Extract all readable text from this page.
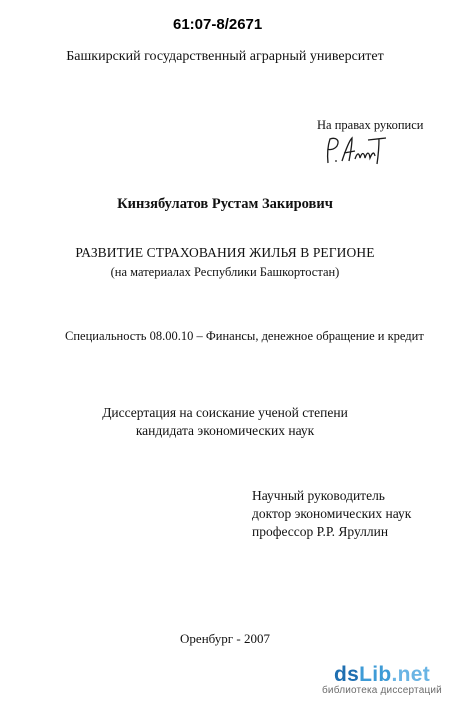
61:07-8/2671
Башкирский государственный аграрный университет
На правах рукописи
Кинзябулатов Рустам Закирович
РАЗВИТИЕ СТРАХОВАНИЯ ЖИЛЬЯ В РЕГИОНЕ
(на материалах Республики Башкортостан)
Специальность 08.00.10 – Финансы, денежное обращение и кредит
Диссертация на соискание ученой степени
кандидата экономических наук
Научный руководитель
доктор экономических наук
профессор Р.Р. Яруллин
Оренбург - 2007
dsLib.net
библиотека диссертаций
